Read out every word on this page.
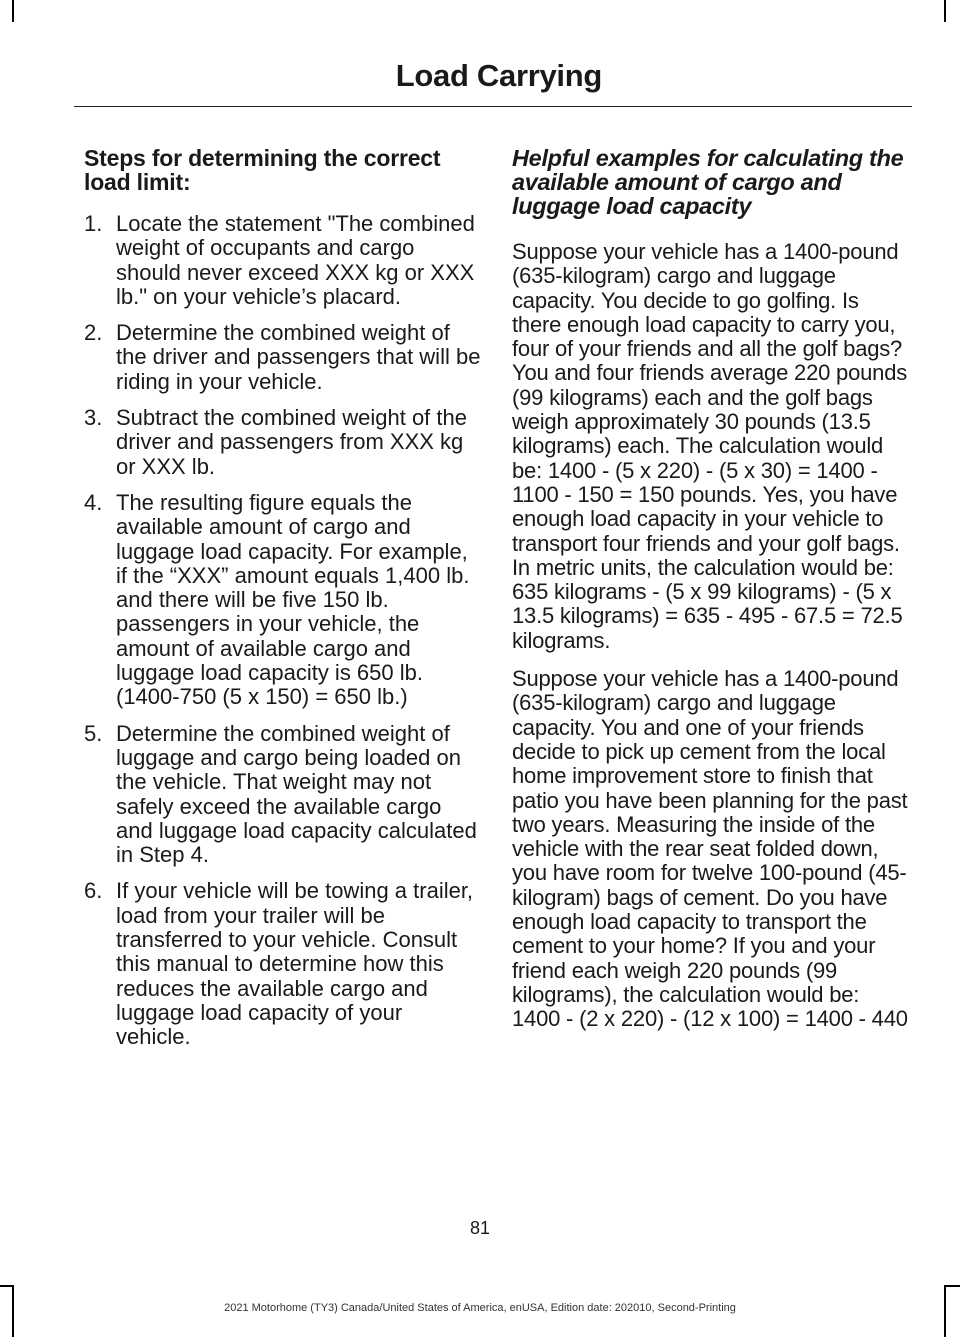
Load Carrying
Steps for determining the correct load limit:
1. Locate the statement "The combined weight of occupants and cargo should never exceed XXX kg or XXX lb." on your vehicle’s placard.
2. Determine the combined weight of the driver and passengers that will be riding in your vehicle.
3. Subtract the combined weight of the driver and passengers from XXX kg or XXX lb.
4. The resulting figure equals the available amount of cargo and luggage load capacity. For example, if the “XXX” amount equals 1,400 lb. and there will be five 150 lb. passengers in your vehicle, the amount of available cargo and luggage load capacity is 650 lb. (1400-750 (5 x 150) = 650 lb.)
5. Determine the combined weight of luggage and cargo being loaded on the vehicle. That weight may not safely exceed the available cargo and luggage load capacity calculated in Step 4.
6. If your vehicle will be towing a trailer, load from your trailer will be transferred to your vehicle. Consult this manual to determine how this reduces the available cargo and luggage load capacity of your vehicle.
Helpful examples for calculating the available amount of cargo and luggage load capacity

Suppose your vehicle has a 1400-pound (635-kilogram) cargo and luggage capacity. You decide to go golfing. Is there enough load capacity to carry you, four of your friends and all the golf bags? You and four friends average 220 pounds (99 kilograms) each and the golf bags weigh approximately 30 pounds (13.5 kilograms) each. The calculation would be: 1400 - (5 x 220) - (5 x 30) = 1400 - 1100 - 150 = 150 pounds. Yes, you have enough load capacity in your vehicle to transport four friends and your golf bags. In metric units, the calculation would be: 635 kilograms - (5 x 99 kilograms) - (5 x 13.5 kilograms) = 635 - 495 - 67.5 = 72.5 kilograms.

Suppose your vehicle has a 1400-pound (635-kilogram) cargo and luggage capacity. You and one of your friends decide to pick up cement from the local home improvement store to finish that patio you have been planning for the past two years. Measuring the inside of the vehicle with the rear seat folded down, you have room for twelve 100-pound (45-kilogram) bags of cement. Do you have enough load capacity to transport the cement to your home? If you and your friend each weigh 220 pounds (99 kilograms), the calculation would be: 1400 - (2 x 220) - (12 x 100) = 1400 - 440

81
2021 Motorhome (TY3) Canada/United States of America, enUSA, Edition date: 202010, Second-Printing
